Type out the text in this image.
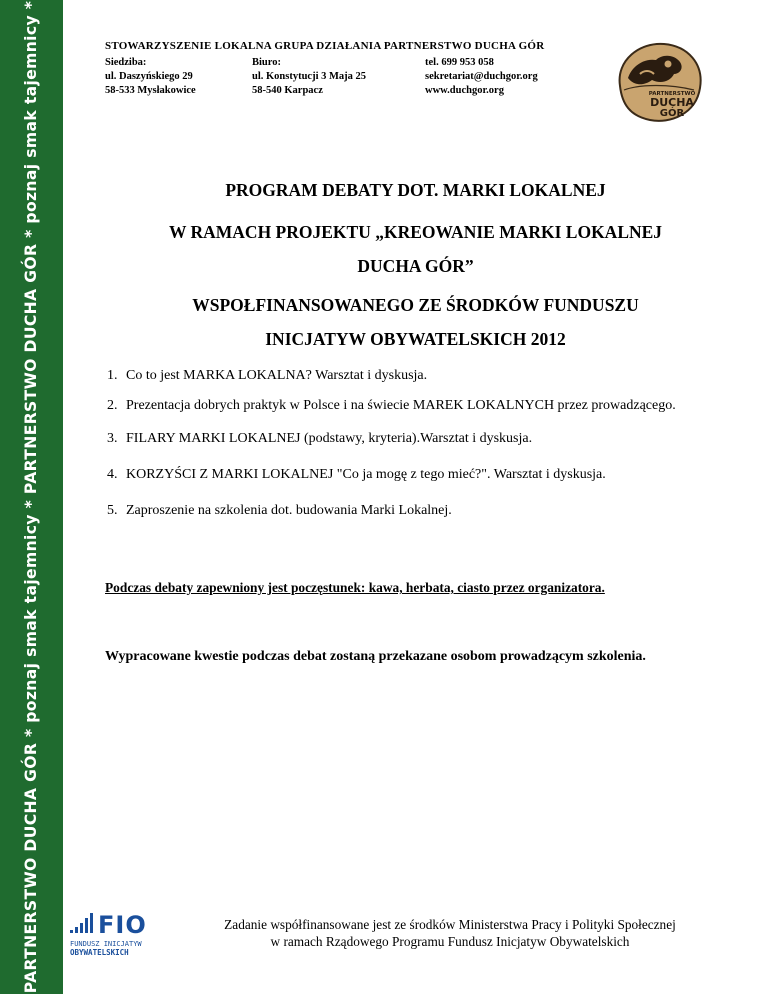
PARTNERSTWO DUCHA GÓR * poznaj smak tajemnicy * PARTNERSTWO DUCHA GÓR * poznaj smak tajemnicy *	STOWARZYSZENIE LOKALNA GRUPA DZIAŁANIA PARTNERSTWO DUCHA GÓR
Siedziba:
ul. Daszyńskiego 29
58-533 Mysłakowice
Biuro:
ul. Konstytucji 3 Maja 25
58-540 Karpacz
tel. 699 953 058
sekretariat@duchgor.org
www.duchgor.org	PARTNERSTWO
DUCHA
GÓR
PROGRAM DEBATY DOT. MARKI LOKALNEJ
W RAMACH PROJEKTU „KREOWANIE MARKI LOKALNEJ
DUCHA GÓR”
WSPOŁFINANSOWANEGO ZE ŚRODKÓW FUNDUSZU
INICJATYW OBYWATELSKICH 2012
1. Co to jest MARKA LOKALNA? Warsztat i dyskusja.
2. Prezentacja dobrych praktyk w Polsce i na świecie MAREK LOKALNYCH przez prowadzącego.
3. FILARY MARKI LOKALNEJ (podstawy, kryteria).Warsztat i dyskusja.
4. KORZYŚCI Z MARKI LOKALNEJ "Co ja mogę z tego mieć?". Warsztat i dyskusja.
5. Zaproszenie na szkolenia dot. budowania Marki Lokalnej.
Podczas debaty zapewniony jest poczęstunek: kawa, herbata, ciasto przez organizatora.
Wypracowane kwestie podczas debat zostaną przekazane osobom prowadzącym szkolenia.
FIO
FUNDUSZ INICJATYW
OBYWATELSKICH
Zadanie współfinansowane jest ze środków Ministerstwa Pracy i Polityki Społecznej
w ramach Rządowego Programu Fundusz Inicjatyw Obywatelskich
